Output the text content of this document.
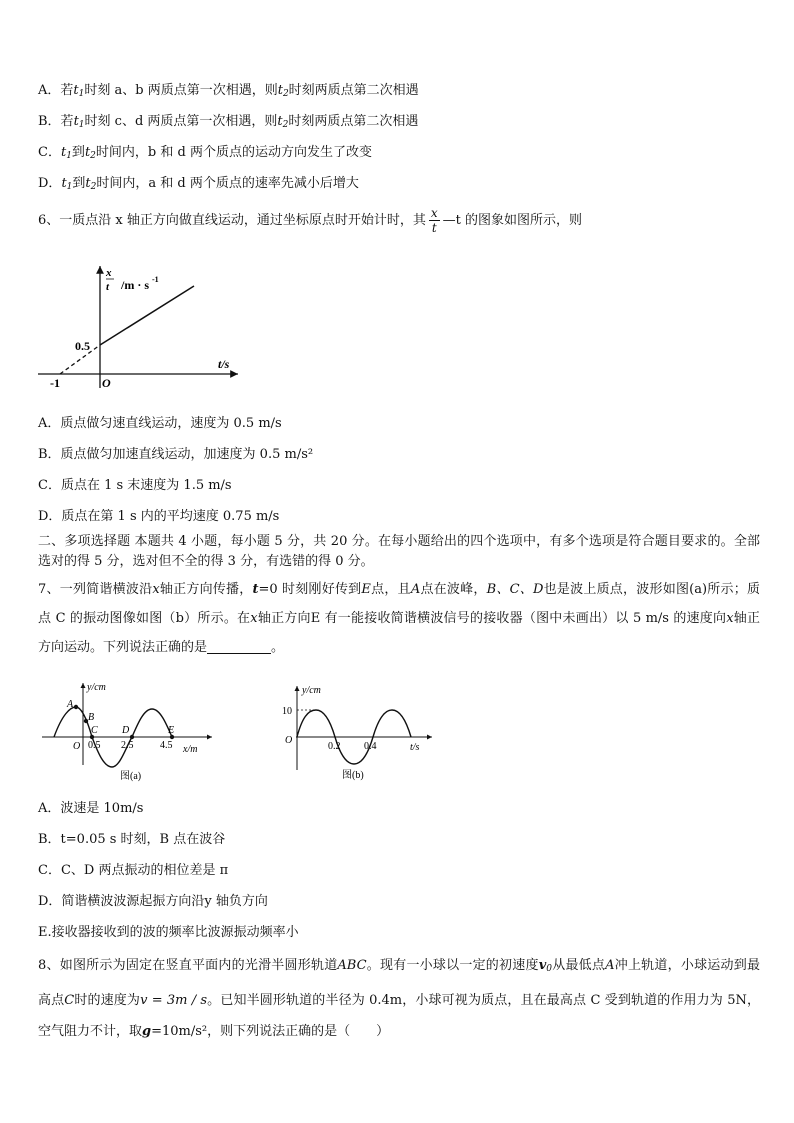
A．若$t_1$时刻 a、b 两质点第一次相遇，则$t_2$时刻两质点第二次相遇
B．若$t_1$时刻 c、d 两质点第一次相遇，则$t_2$时刻两质点第二次相遇
C．$t_1$到$t_2$时间内，b 和 d 两个质点的运动方向发生了改变
D．$t_1$到$t_2$时间内，a 和 d 两个质点的速率先减小后增大
6、一质点沿 x 轴正方向做直线运动，通过坐标原点时开始计时，其 $\frac{x}{t}$ —t 的图象如图所示，则
x
t /m · s -1
t/s
O
0.5
-1
A．质点做匀速直线运动，速度为 0.5 m/s
B．质点做匀加速直线运动，加速度为 0.5 m/s²
C．质点在 1 s 末速度为 1.5 m/s
D．质点在第 1 s 内的平均速度 0.75 m/s
二、多项选择题 本题共 4 小题，每小题 5 分，共 20 分。在每小题给出的四个选项中，有多个选项是符合题目要求的。全部选对的得 5 分，选对但不全的得 3 分，有选错的得 0 分。
7、一列简谐横波沿x轴正方向传播，t=0 时刻刚好传到E点，且A点在波峰，B、C、D也是波上质点，波形如图(a)所示；质点 C 的振动图像如图（b）所示。在x轴正方向E 有一能接收简谐横波信号的接收器（图中未画出）以 5 m/s 的速度向x轴正方向运动。下列说法正确的是	。
y/cm
x/m
O 0.5 2.5	4.5
A
B
C D	E
图(a)
y/cm
t/s
O
10
0.2 0.4
图(b)
A．波速是 10m/s
B．t=0.05 s 时刻，B 点在波谷
C．C、D 两点振动的相位差是 π
D．简谐横波波源起振方向沿y 轴负方向
E.接收器接收到的波的频率比波源振动频率小
8、如图所示为固定在竖直平面内的光滑半圆形轨道ABC。现有一小球以一定的初速度$v_0$从最低点A冲上轨道，小球运动到最高点C时的速度为v = 3m / s。已知半圆形轨道的半径为 0.4m，小球可视为质点，且在最高点 C 受到轨道的作用力为 5N，空气阻力不计，取g=10m/s²，则下列说法正确的是（　　）
